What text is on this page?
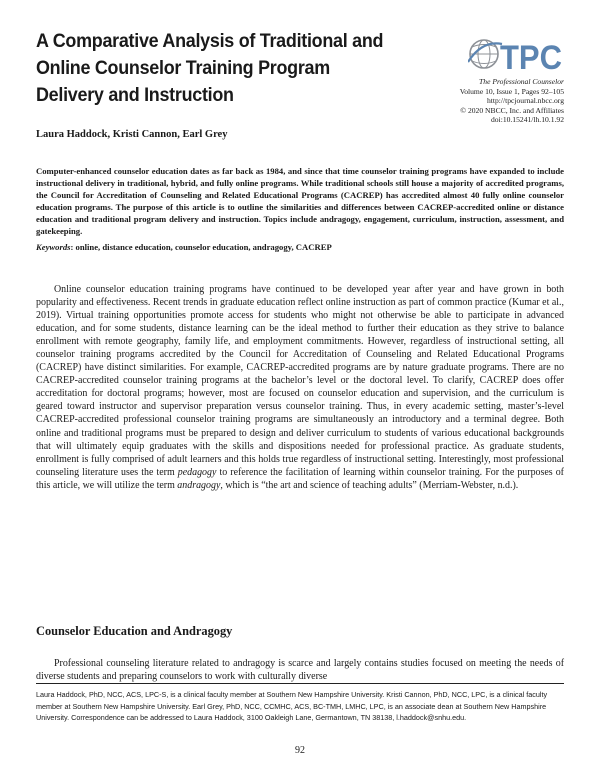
A Comparative Analysis of Traditional and Online Counselor Training Program Delivery and Instruction
TPC
The Professional Counselor
Volume 10, Issue 1, Pages 92–105
http://tpcjournal.nbcc.org
© 2020 NBCC, Inc. and Affiliates
doi:10.15241/lh.10.1.92
Laura Haddock, Kristi Cannon, Earl Grey
Computer-enhanced counselor education dates as far back as 1984, and since that time counselor training programs have expanded to include instructional delivery in traditional, hybrid, and fully online programs. While traditional schools still house a majority of accredited programs, the Council for Accreditation of Counseling and Related Educational Programs (CACREP) has accredited almost 40 fully online counselor education programs. The purpose of this article is to outline the similarities and differences between CACREP-accredited online or distance education and traditional program delivery and instruction. Topics include andragogy, engagement, curriculum, instruction, assessment, and gatekeeping.
Keywords: online, distance education, counselor education, andragogy, CACREP

Online counselor education training programs have continued to be developed year after year and have grown in both popularity and effectiveness. Recent trends in graduate education reflect online instruction as part of common practice (Kumar et al., 2019). Virtual training opportunities promote access for students who might not otherwise be able to participate in advanced education, and for some students, distance learning can be the ideal method to further their education as they strive to balance enrollment with remote geography, family life, and employment commitments. However, regardless of instructional setting, all counselor training programs accredited by the Council for Accreditation of Counseling and Related Educational Programs (CACREP) have distinct similarities. For example, CACREP-accredited programs are by nature graduate programs. There are no CACREP-accredited counselor training programs at the bachelor’s level or the doctoral level. To clarify, CACREP does offer accreditation for doctoral programs; however, most are focused on counselor education and supervision, and the curriculum is geared toward instructor and supervisor preparation versus counselor training. Thus, in every academic setting, master’s-level CACREP-accredited professional counselor training programs are simultaneously an introductory and a terminal degree. Both online and traditional programs must be prepared to design and deliver curriculum to students of various educational backgrounds that will ultimately equip graduates with the skills and dispositions needed for professional practice. As graduate students, enrollment is fully comprised of adult learners and this holds true regardless of instructional setting. Interestingly, most professional counseling literature uses the term pedagogy to reference the facilitation of learning within counselor training. For the purposes of this article, we will utilize the term andragogy, which is “the art and science of teaching adults” (Merriam-Webster, n.d.).

Counselor Education and Andragogy

Professional counseling literature related to andragogy is scarce and largely contains studies focused on meeting the needs of diverse students and preparing counselors to work with culturally diverse

Laura Haddock, PhD, NCC, ACS, LPC-S, is a clinical faculty member at Southern New Hampshire University. Kristi Cannon, PhD, NCC, LPC, is a clinical faculty member at Southern New Hampshire University. Earl Grey, PhD, NCC, CCMHC, ACS, BC-TMH, LMHC, LPC, is an associate dean at Southern New Hampshire University. Correspondence can be addressed to Laura Haddock, 3100 Oakleigh Lane, Germantown, TN 38138, l.haddock@snhu.edu.
92
